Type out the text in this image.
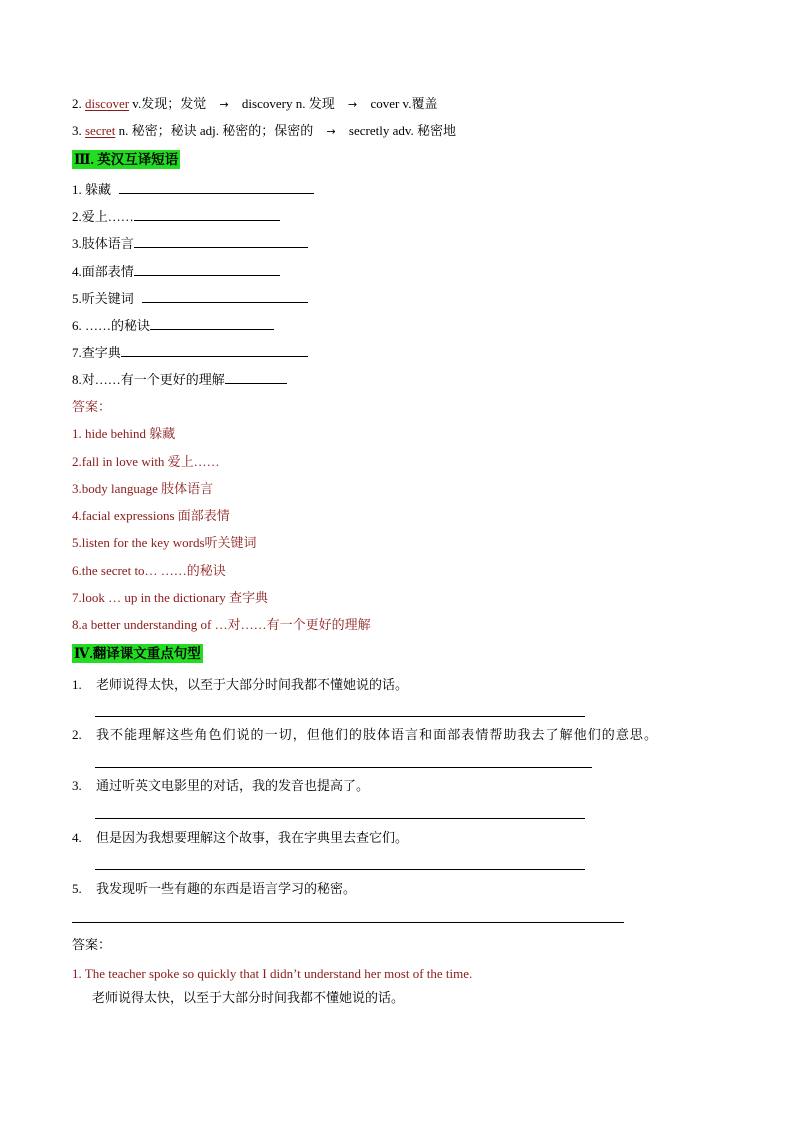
2. discover v.发现；发觉 → discovery n. 发现 → cover v.覆盖
3. secret n. 秘密；秘诀 adj. 秘密的；保密的 → secretly adv. 秘密地
Ⅲ. 英汉互译短语
1. 躲藏
2.爱上……
3.肢体语言
4.面部表情
5.听关键词
6. ……的秘诀
7.查字典
8.对……有一个更好的理解
答案：
1. hide behind 躲藏
2.fall in love with 爱上……
3.body language 肢体语言
4.facial expressions 面部表情
5.listen for the key words听关键词
6.the secret to… ……的秘诀
7.look … up in the dictionary 查字典
8.a better understanding of …对……有一个更好的理解
Ⅳ.翻译课文重点句型
1. 老师说得太快，以至于大部分时间我都不懂她说的话。
2. 我 不 能 理 解 这 些 角 色 们 说 的 一 切 ， 但 他 们 的 肢 体 语 言 和 面 部 表 情 帮 助 我 去 了 解 他 们 的 意 思 。
3. 通过听英文电影里的对话，我的发音也提高了。
4. 但是因为我想要理解这个故事，我在字典里去查它们。
5. 我发现听一些有趣的东西是语言学习的秘密。
答案：
1. The teacher spoke so quickly that I didn’t understand her most of the time.
老师说得太快，以至于大部分时间我都不懂她说的话。
